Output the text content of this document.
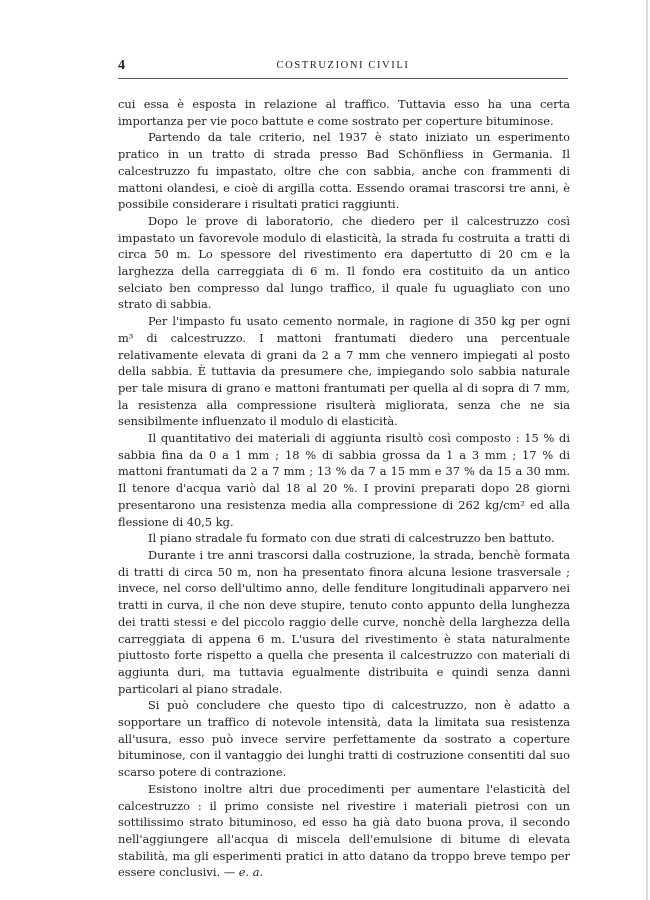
4	COSTRUZIONI CIVILI

cui essa è esposta in relazione al traffico. Tuttavia esso ha una certa importanza per vie poco battute e come sostrato per coperture bituminose.

Partendo da tale criterio, nel 1937 è stato iniziato un esperimento pratico in un tratto di strada presso Bad Schönfliess in Germania. Il calcestruzzo fu impastato, oltre che con sabbia, anche con frammenti di mattoni olandesi, e cioè di argilla cotta. Essendo oramai trascorsi tre anni, è possibile considerare i risultati pratici raggiunti.

Dopo le prove di laboratorio, che diedero per il calcestruzzo così impastato un favorevole modulo di elasticità, la strada fu costruita a tratti di circa 50 m. Lo spessore del rivestimento era dapertutto di 20 cm e la larghezza della carreggiata di 6 m. Il fondo era costituito da un antico selciato ben compresso dal lungo traffico, il quale fu uguagliato con uno strato di sabbia.

Per l'impasto fu usato cemento normale, in ragione di 350 kg per ogni m³ di calcestruzzo. I mattoni frantumati diedero una percentuale relativamente elevata di grani da 2 a 7 mm che vennero impiegati al posto della sabbia. È tuttavia da presumere che, impiegando solo sabbia naturale per tale misura di grano e mattoni frantumati per quella al di sopra di 7 mm, la resistenza alla compressione risulterà migliorata, senza che ne sia sensibilmente influenzato il modulo di elasticità.

Il quantitativo dei materiali di aggiunta risultò così composto : 15 % di sabbia fina da 0 a 1 mm ; 18 % di sabbia grossa da 1 a 3 mm ; 17 % di mattoni frantumati da 2 a 7 mm ; 13 % da 7 a 15 mm e 37 % da 15 a 30 mm. Il tenore d'acqua variò dal 18 al 20 %. I provini preparati dopo 28 giorni presentarono una resistenza media alla compressione di 262 kg/cm² ed alla flessione di 40,5 kg.

Il piano stradale fu formato con due strati di calcestruzzo ben battuto.

Durante i tre anni trascorsi dalla costruzione, la strada, benchè formata di tratti di circa 50 m, non ha presentato finora alcuna lesione trasversale ; invece, nel corso dell'ultimo anno, delle fenditure longitudinali apparvero nei tratti in curva, il che non deve stupire, tenuto conto appunto della lunghezza dei tratti stessi e del piccolo raggio delle curve, nonchè della larghezza della carreggiata di appena 6 m. L'usura del rivestimento è stata naturalmente piuttosto forte rispetto a quella che presenta il calcestruzzo con materiali di aggiunta duri, ma tuttavia egualmente distribuita e quindi senza danni particolari al piano stradale.

Si può concludere che questo tipo di calcestruzzo, non è adatto a sopportare un traffico di notevole intensità, data la limitata sua resistenza all'usura, esso può invece servire perfettamente da sostrato a coperture bituminose, con il vantaggio dei lunghi tratti di costruzione consentiti dal suo scarso potere di contrazione.

Esistono inoltre altri due procedimenti per aumentare l'elasticità del calcestruzzo : il primo consiste nel rivestire i materiali pietrosi con un sottilissimo strato bituminoso, ed esso ha già dato buona prova, il secondo nell'aggiungere all'acqua di miscela dell'emulsione di bitume di elevata stabilità, ma gli esperimenti pratici in atto datano da troppo breve tempo per essere conclusivi. — e. a.
